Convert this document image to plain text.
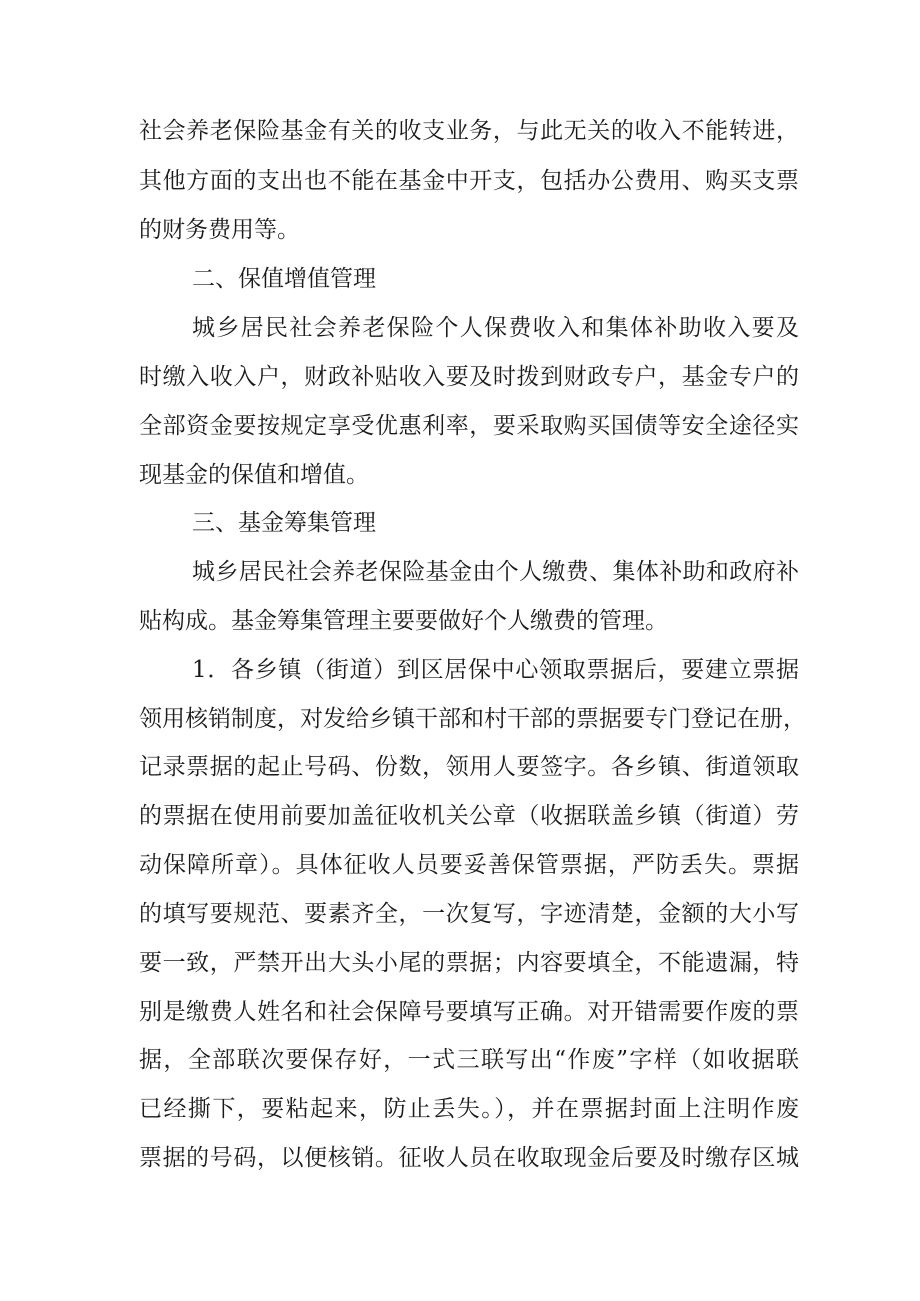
社会养老保险基金有关的收支业务，与此无关的收入不能转进，
其他方面的支出也不能在基金中开支，包括办公费用、购买支票
的财务费用等。
二、保值增值管理
城乡居民社会养老保险个人保费收入和集体补助收入要及
时缴入收入户，财政补贴收入要及时拨到财政专户，基金专户的
全部资金要按规定享受优惠利率，要采取购买国债等安全途径实
现基金的保值和增值。
三、基金筹集管理
城乡居民社会养老保险基金由个人缴费、集体补助和政府补
贴构成。基金筹集管理主要要做好个人缴费的管理。
1．各乡镇（街道）到区居保中心领取票据后，要建立票据
领用核销制度，对发给乡镇干部和村干部的票据要专门登记在册，
记录票据的起止号码、份数，领用人要签字。各乡镇、街道领取
的票据在使用前要加盖征收机关公章（收据联盖乡镇（街道）劳
动保障所章）。具体征收人员要妥善保管票据，严防丢失。票据
的填写要规范、要素齐全，一次复写，字迹清楚，金额的大小写
要一致，严禁开出大头小尾的票据；内容要填全，不能遗漏，特
别是缴费人姓名和社会保障号要填写正确。对开错需要作废的票
据，全部联次要保存好，一式三联写出“作废”字样（如收据联
已经撕下，要粘起来，防止丢失。），并在票据封面上注明作废
票据的号码，以便核销。征收人员在收取现金后要及时缴存区城
